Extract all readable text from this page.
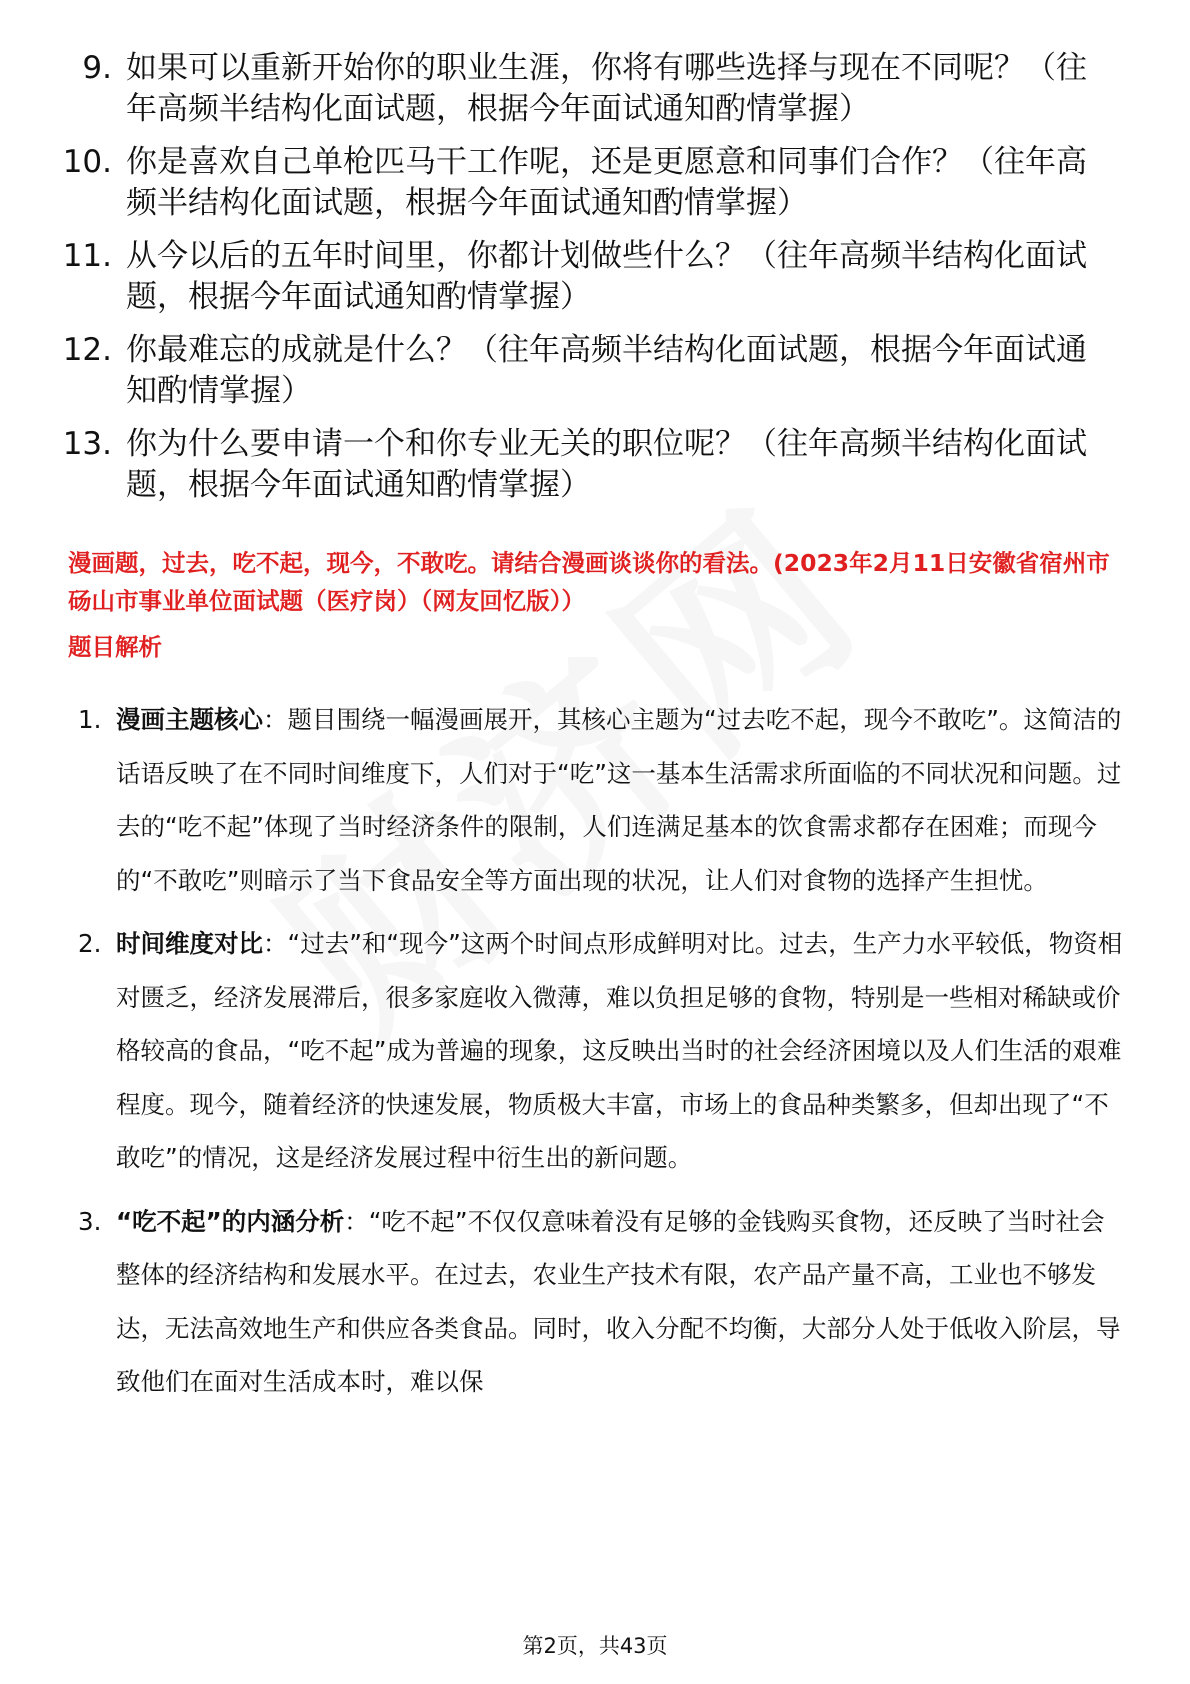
9. 如果可以重新开始你的职业生涯，你将有哪些选择与现在不同呢？（往年高频半结构化面试题，根据今年面试通知酌情掌握）
10. 你是喜欢自己单枪匹马干工作呢，还是更愿意和同事们合作？（往年高频半结构化面试题，根据今年面试通知酌情掌握）
11. 从今以后的五年时间里，你都计划做些什么？（往年高频半结构化面试题，根据今年面试通知酌情掌握）
12. 你最难忘的成就是什么？（往年高频半结构化面试题，根据今年面试通知酌情掌握）
13. 你为什么要申请一个和你专业无关的职位呢？（往年高频半结构化面试题，根据今年面试通知酌情掌握）
漫画题，过去，吃不起，现今，不敢吃。请结合漫画谈谈你的看法。(2023年2月11日安徽省宿州市砀山市事业单位面试题（医疗岗）（网友回忆版））
题目解析
1. 漫画主题核心：题目围绕一幅漫画展开，其核心主题为“过去吃不起，现今不敢吃”。这简洁的话语反映了在不同时间维度下，人们对于“吃”这一基本生活需求所面临的不同状况和问题。过去的“吃不起”体现了当时经济条件的限制，人们连满足基本的饮食需求都存在困难；而现今的“不敢吃”则暗示了当下食品安全等方面出现的状况，让人们对食物的选择产生担忧。
2. 时间维度对比：“过去”和“现今”这两个时间点形成鲜明对比。过去，生产力水平较低，物资相对匮乏，经济发展滞后，很多家庭收入微薄，难以负担足够的食物，特别是一些相对稀缺或价格较高的食品，“吃不起”成为普遍的现象，这反映出当时的社会经济困境以及人们生活的艰难程度。现今，随着经济的快速发展，物质极大丰富，市场上的食品种类繁多，但却出现了“不敢吃”的情况，这是经济发展过程中衍生出的新问题。
3. “吃不起”的内涵分析：“吃不起”不仅仅意味着没有足够的金钱购买食物，还反映了当时社会整体的经济结构和发展水平。在过去，农业生产技术有限，农产品产量不高，工业也不够发达，无法高效地生产和供应各类食品。同时，收入分配不均衡，大部分人处于低收入阶层，导致他们在面对生活成本时，难以保
第2页，共43页
